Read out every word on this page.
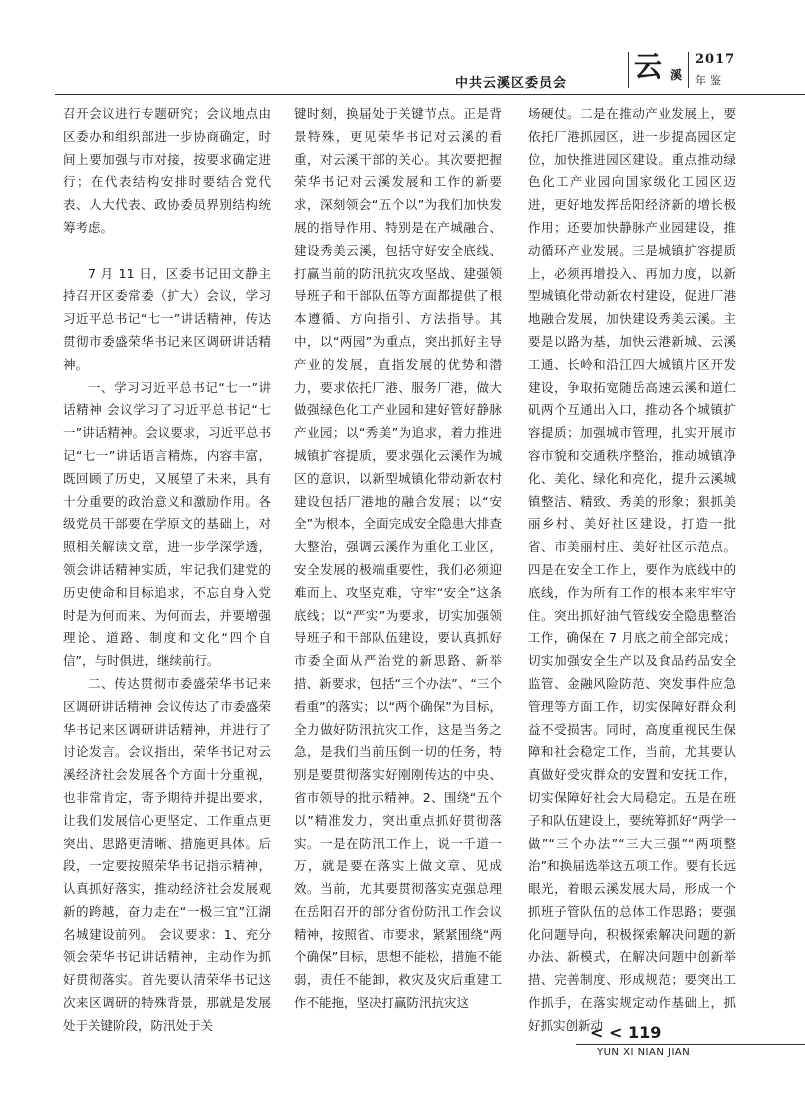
中共云溪区委员会
云 溪
2017
年鉴

召开会议进行专题研究；会议地点由区委办和组织部进一步协商确定，时间上要加强与市对接，按要求确定进行；在代表结构安排时要结合党代表、人大代表、政协委员界别结构统筹考虑。

7 月 11 日，区委书记田文静主持召开区委常委（扩大）会议，学习习近平总书记“七一”讲话精神，传达贯彻市委盛荣华书记来区调研讲话精神。

一、学习习近平总书记“七一”讲话精神 会议学习了习近平总书记“七一”讲话精神。会议要求，习近平总书记“七一”讲话语言精炼，内容丰富，既回顾了历史，又展望了未来，具有十分重要的政治意义和激励作用。各级党员干部要在学原文的基础上，对照相关解读文章，进一步学深学透，领会讲话精神实质，牢记我们建党的历史使命和目标追求，不忘自身入党时是为何而来、为何而去，并要增强理论、道路、制度和文化“四个自信”，与时俱进，继续前行。

二、传达贯彻市委盛荣华书记来区调研讲话精神 会议传达了市委盛荣华书记来区调研讲话精神，并进行了讨论发言。会议指出，荣华书记对云溪经济社会发展各个方面十分重视，也非常肯定，寄予期待并提出要求，让我们发展信心更坚定、工作重点更突出、思路更清晰、措施更具体。后段，一定要按照荣华书记指示精神，认真抓好落实，推动经济社会发展观新的跨越，奋力走在“一极三宜”江湖名城建设前列。 会议要求：1、充分领会荣华书记讲话精神，主动作为抓好贯彻落实。首先要认清荣华书记这次来区调研的特殊背景，那就是发展处于关键阶段，防汛处于关

键时刻，换届处于关键节点。正是背景特殊，更见荣华书记对云溪的看重，对云溪干部的关心。其次要把握荣华书记对云溪发展和工作的新要求，深刻领会“五个以”为我们加快发展的指导作用、特别是在产城融合、建设秀美云溪，包括守好安全底线、打赢当前的防汛抗灾攻坚战、建强领导班子和干部队伍等方面都提供了根本遵循、方向指引、方法指导。其中，以“两园”为重点，突出抓好主导产业的发展，直指发展的优势和潜力，要求依托厂港、服务厂港，做大做强绿色化工产业园和建好管好静脉产业园；以“秀美”为追求，着力推进城镇扩容提质，要求强化云溪作为城区的意识，以新型城镇化带动新农村建设包括厂港地的融合发展；以“安全”为根本，全面完成安全隐患大排查大整治，强调云溪作为重化工业区，安全发展的极端重要性，我们必须迎难而上、攻坚克难，守牢“安全”这条底线；以“严实”为要求，切实加强领导班子和干部队伍建设，要认真抓好市委全面从严治党的新思路、新举措、新要求，包括“三个办法”、“三个看重”的落实；以“两个确保”为目标，全力做好防汛抗灾工作，这是当务之急，是我们当前压倒一切的任务，特别是要贯彻落实好刚刚传达的中央、省市领导的批示精神。2、围绕“五个以”精准发力，突出重点抓好贯彻落实。一是在防汛工作上，说一千道一万，就是要在落实上做文章、见成效。当前，尤其要贯彻落实克强总理在岳阳召开的部分省份防汛工作会议精神，按照省、市要求，紧紧围绕“两个确保”目标，思想不能松，措施不能弱，责任不能卸，救灾及灾后重建工作不能拖，坚决打赢防汛抗灾这

场硬仗。二是在推动产业发展上，要依托厂港抓园区，进一步提高园区定位，加快推进园区建设。重点推动绿色化工产业园向国家级化工园区迈进，更好地发挥岳阳经济新的增长极作用；还要加快静脉产业园建设，推动循环产业发展。三是城镇扩容提质上，必须再增投入、再加力度，以新型城镇化带动新农村建设，促进厂港地融合发展，加快建设秀美云溪。主要是以路为基，加快云港新城、云溪工通、长岭和沿江四大城镇片区开发建设，争取拓宽随岳高速云溪和道仁矶两个互通出入口，推动各个城镇扩容提质；加强城市管理，扎实开展市容市貌和交通秩序整治，推动城镇净化、美化、绿化和亮化，提升云溪城镇整洁、精致、秀美的形象；狠抓美丽乡村、美好社区建设，打造一批省、市美丽村庄、美好社区示范点。四是在安全工作上，要作为底线中的底线，作为所有工作的根本来牢牢守住。突出抓好油气管线安全隐患整治工作，确保在 7 月底之前全部完成；切实加强安全生产以及食品药品安全监管、金融风险防范、突发事件应急管理等方面工作，切实保障好群众利益不受损害。同时，高度重视民生保障和社会稳定工作，当前，尤其要认真做好受灾群众的安置和安抚工作，切实保障好社会大局稳定。五是在班子和队伍建设上，要统筹抓好“两学一做”“三个办法”“三大三强”“两项整治”和换届选举这五项工作。要有长远眼光，着眼云溪发展大局，形成一个抓班子管队伍的总体工作思路；要强化问题导向，积极探索解决问题的新办法、新模式，在解决问题中创新举措、完善制度、形成规范；要突出工作抓手，在落实规定动作基础上，抓好抓实创新动

< < 119
YUN XI NIAN JIAN
